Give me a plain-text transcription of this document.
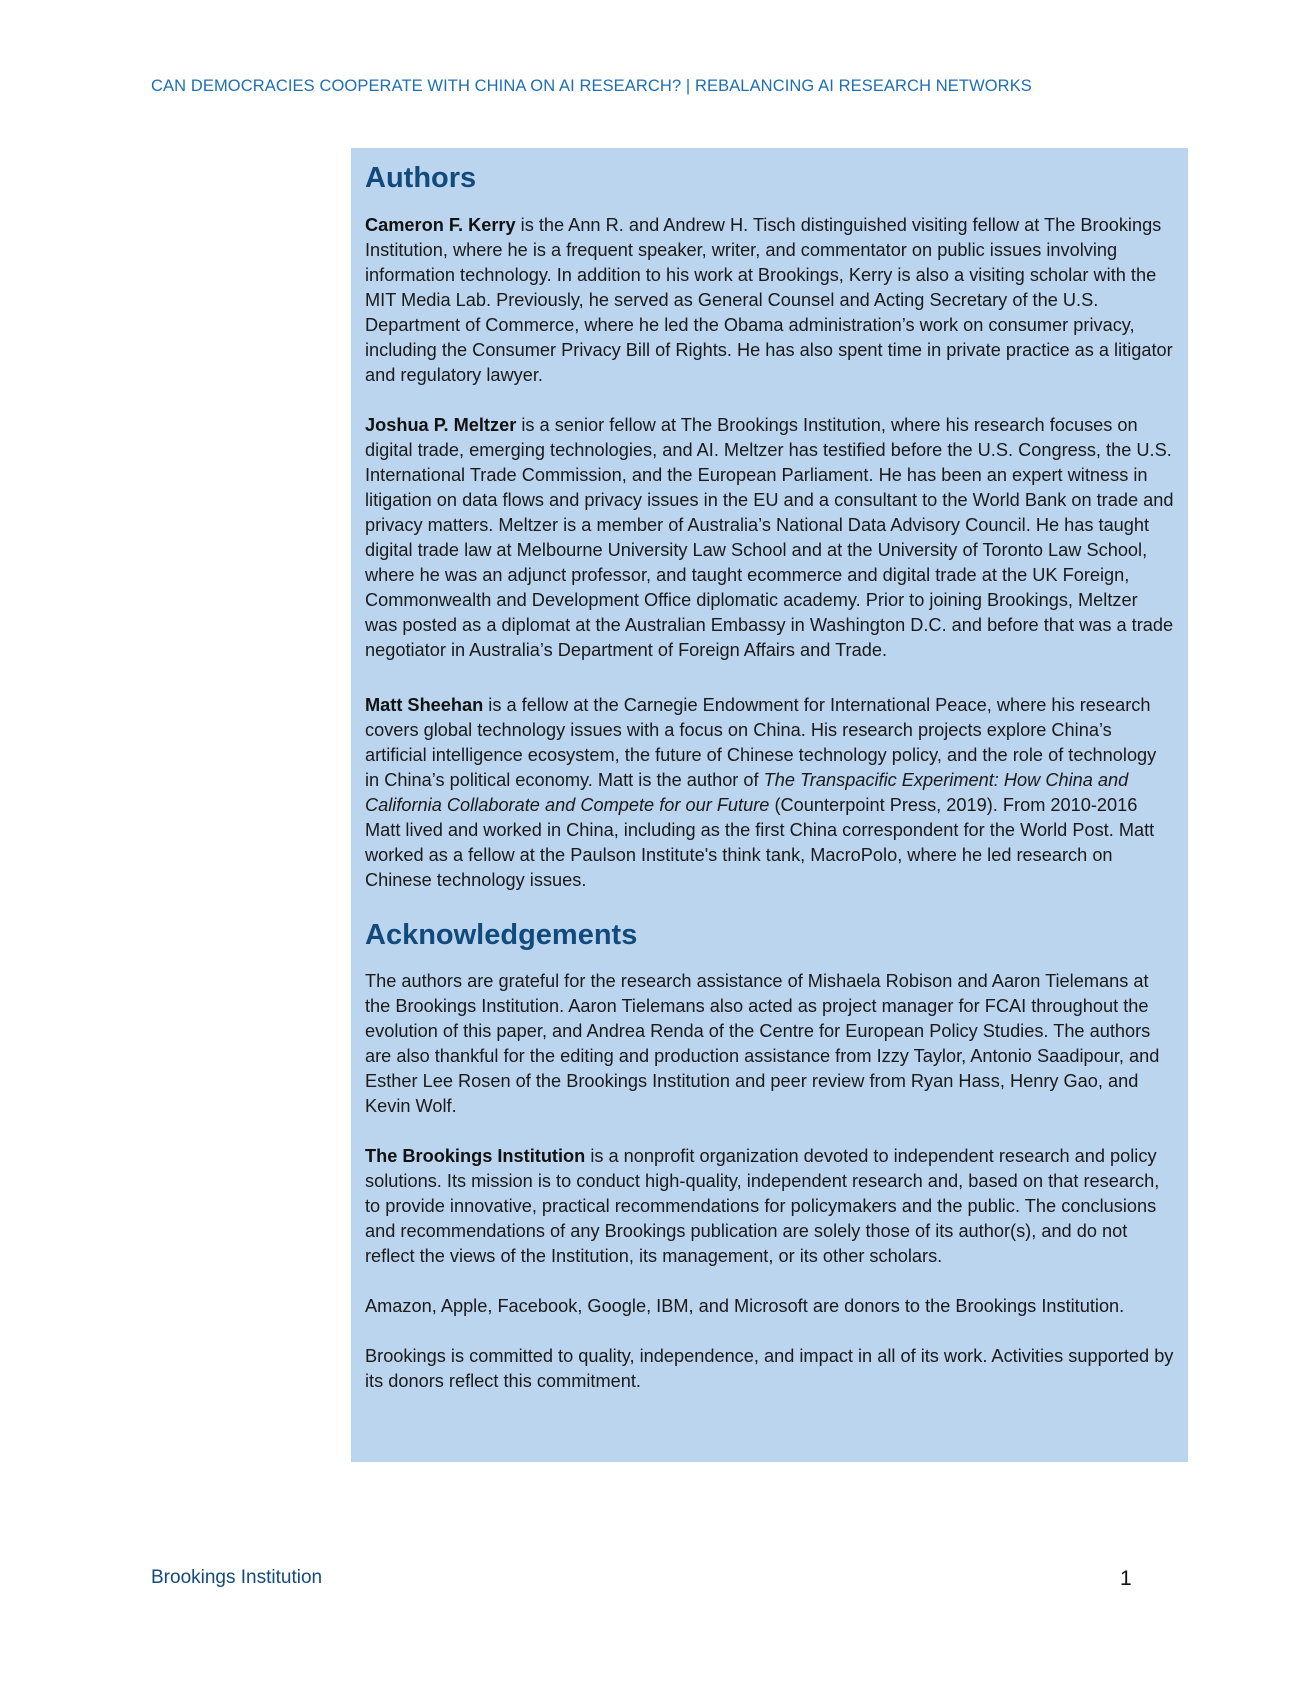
CAN DEMOCRACIES COOPERATE WITH CHINA ON AI RESEARCH? | REBALANCING AI RESEARCH NETWORKS
Authors

Cameron F. Kerry is the Ann R. and Andrew H. Tisch distinguished visiting fellow at The Brookings Institution, where he is a frequent speaker, writer, and commentator on public issues involving information technology. In addition to his work at Brookings, Kerry is also a visiting scholar with the MIT Media Lab. Previously, he served as General Counsel and Acting Secretary of the U.S. Department of Commerce, where he led the Obama administration’s work on consumer privacy, including the Consumer Privacy Bill of Rights. He has also spent time in private practice as a litigator and regulatory lawyer.

Joshua P. Meltzer is a senior fellow at The Brookings Institution, where his research focuses on digital trade, emerging technologies, and AI. Meltzer has testified before the U.S. Congress, the U.S. International Trade Commission, and the European Parliament. He has been an expert witness in litigation on data flows and privacy issues in the EU and a consultant to the World Bank on trade and privacy matters. Meltzer is a member of Australia’s National Data Advisory Council. He has taught digital trade law at Melbourne University Law School and at the University of Toronto Law School, where he was an adjunct professor, and taught ecommerce and digital trade at the UK Foreign, Commonwealth and Development Office diplomatic academy. Prior to joining Brookings, Meltzer was posted as a diplomat at the Australian Embassy in Washington D.C. and before that was a trade negotiator in Australia’s Department of Foreign Affairs and Trade.

Matt Sheehan is a fellow at the Carnegie Endowment for International Peace, where his research covers global technology issues with a focus on China. His research projects explore China’s artificial intelligence ecosystem, the future of Chinese technology policy, and the role of technology in China’s political economy. Matt is the author of The Transpacific Experiment: How China and California Collaborate and Compete for our Future (Counterpoint Press, 2019). From 2010-2016 Matt lived and worked in China, including as the first China correspondent for the World Post. Matt worked as a fellow at the Paulson Institute's think tank, MacroPolo, where he led research on Chinese technology issues.

Acknowledgements

The authors are grateful for the research assistance of Mishaela Robison and Aaron Tielemans at the Brookings Institution. Aaron Tielemans also acted as project manager for FCAI throughout the evolution of this paper, and Andrea Renda of the Centre for European Policy Studies. The authors are also thankful for the editing and production assistance from Izzy Taylor, Antonio Saadipour, and Esther Lee Rosen of the Brookings Institution and peer review from Ryan Hass, Henry Gao, and Kevin Wolf.

The Brookings Institution is a nonprofit organization devoted to independent research and policy solutions. Its mission is to conduct high-quality, independent research and, based on that research, to provide innovative, practical recommendations for policymakers and the public. The conclusions and recommendations of any Brookings publication are solely those of its author(s), and do not reflect the views of the Institution, its management, or its other scholars.

Amazon, Apple, Facebook, Google, IBM, and Microsoft are donors to the Brookings Institution.

Brookings is committed to quality, independence, and impact in all of its work. Activities supported by its donors reflect this commitment.

Brookings Institution	1
